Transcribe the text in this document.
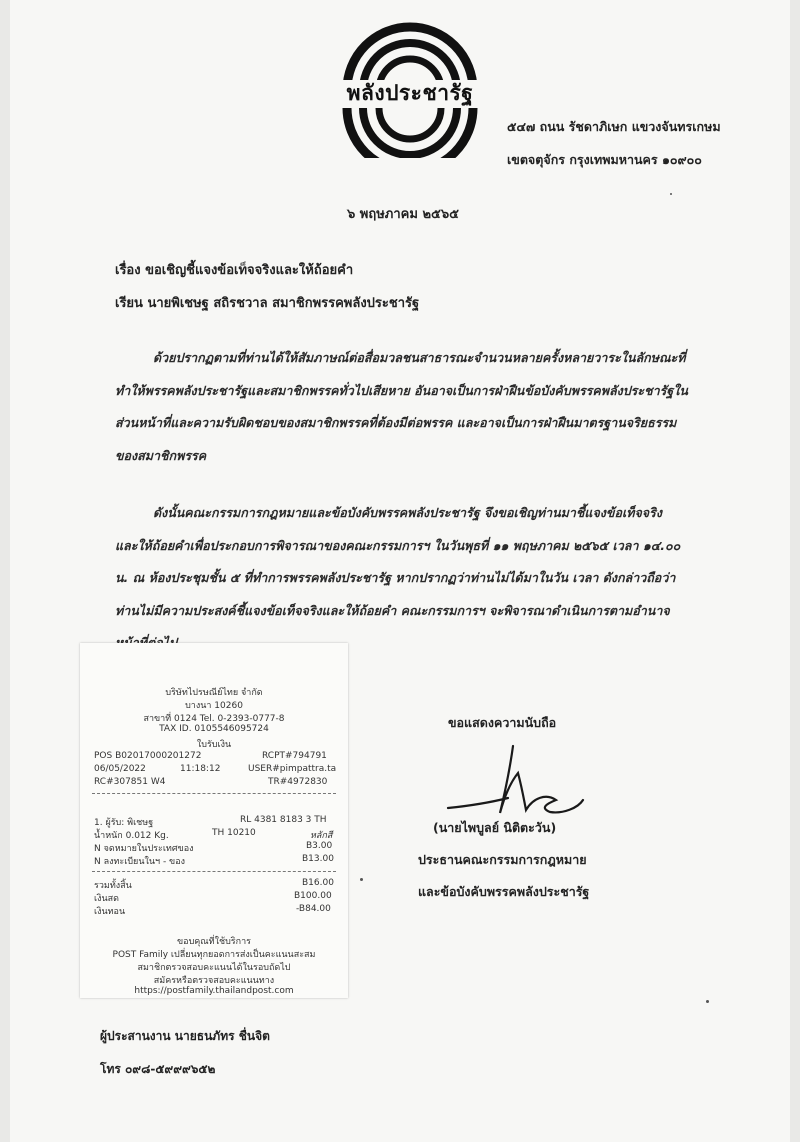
พลังประชารัฐ
๕๔๗ ถนน รัชดาภิเษก แขวงจันทรเกษม
เขตจตุจักร กรุงเทพมหานคร ๑๐๙๐๐
๖ พฤษภาคม ๒๕๖๕
เรื่อง ขอเชิญชี้แจงข้อเท็จจริงและให้ถ้อยคำ
เรียน นายพิเชษฐ สถิรชวาล สมาชิกพรรคพลังประชารัฐ
ด้วยปรากฏตามที่ท่านได้ให้สัมภาษณ์ต่อสื่อมวลชนสาธารณะจำนวนหลายครั้งหลายวาระในลักษณะที่
ทำให้พรรคพลังประชารัฐและสมาชิกพรรคทั่วไปเสียหาย อันอาจเป็นการฝ่าฝืนข้อบังคับพรรคพลังประชารัฐใน
ส่วนหน้าที่และความรับผิดชอบของสมาชิกพรรคที่ต้องมีต่อพรรค และอาจเป็นการฝ่าฝืนมาตรฐานจริยธรรม
ของสมาชิกพรรค
ดังนั้นคณะกรรมการกฎหมายและข้อบังคับพรรคพลังประชารัฐ จึงขอเชิญท่านมาชี้แจงข้อเท็จจริง
และให้ถ้อยคำเพื่อประกอบการพิจารณาของคณะกรรมการฯ ในวันพุธที่ ๑๑ พฤษภาคม ๒๕๖๕ เวลา ๑๔.๐๐
น. ณ ห้องประชุมชั้น ๕ ที่ทำการพรรคพลังประชารัฐ หากปรากฏว่าท่านไม่ได้มาในวัน เวลา ดังกล่าวถือว่า
ท่านไม่มีความประสงค์ชี้แจงข้อเท็จจริงและให้ถ้อยคำ คณะกรรมการฯ จะพิจารณาดำเนินการตามอำนาจ
ขอแสดงความนับถือ
(นายไพบูลย์ นิติตะวัน)
ประธานคณะกรรมการกฎหมาย
และข้อบังคับพรรคพลังประชารัฐ
บริษัทไปรษณีย์ไทย จำกัด
บางนา 10260
สาขาที่ 0124 Tel. 0-2393-0777-8
TAX ID. 0105546095724
ใบรับเงิน
POS B02017000201272	RCPT#794791
06/05/2022	11:18:12	USER#pimpattra.ta
RC#307851 W4	TR#4972830
1. ผู้รับ: พิเชษฐ	RL 4381 8183 3 TH
น้ำหนัก 0.012 Kg.	TH 10210	หลักสี
N จดหมายในประเทศของ	B3.00
N ลงทะเบียนในฯ - ของ	B13.00
รวมทั้งสิ้น	B16.00
เงินสด	B100.00
เงินทอน	-B84.00
ขอบคุณที่ใช้บริการ
POST Family เปลี่ยนทุกยอดการส่งเป็นคะแนนสะสม
สมาชิกตรวจสอบคะแนนได้ในรอบถัดไป
สมัครหรือตรวจสอบคะแนนทาง
https://postfamily.thailandpost.com
ผู้ประสานงาน นายธนภัทร ชื่นจิต
โทร ๐๙๘-๕๙๙๙๖๕๒
